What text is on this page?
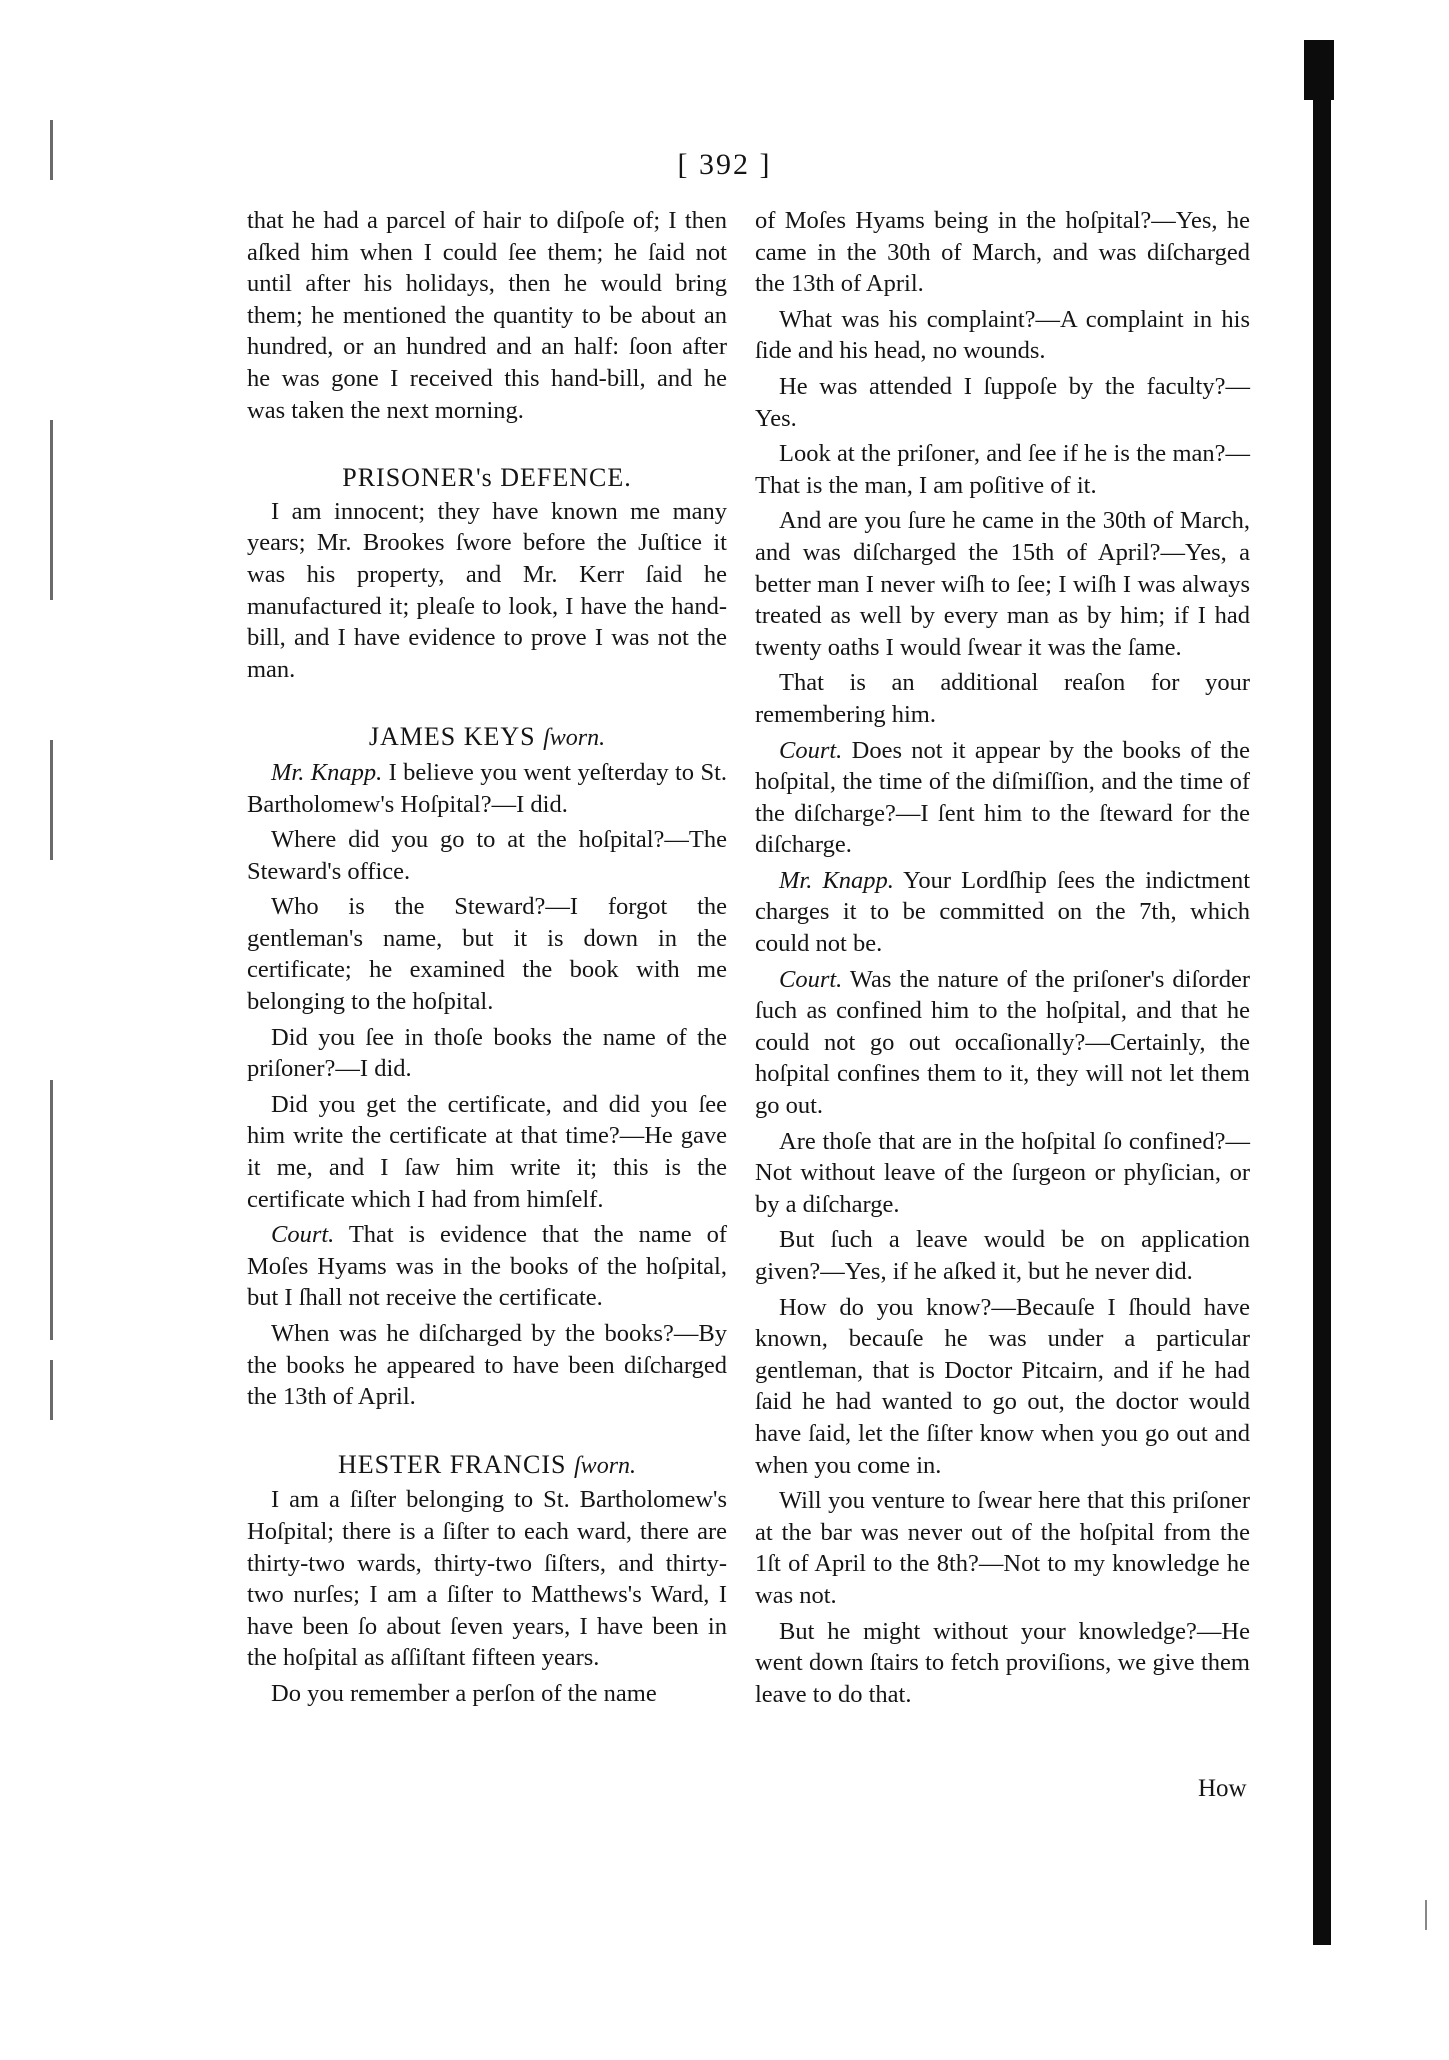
[ 392 ]

that he had a parcel of hair to diſpoſe of; I then aſked him when I could ſee them; he ſaid not until after his holidays, then he would bring them; he mentioned the quantity to be about an hundred, or an hundred and an half: ſoon after he was gone I received this hand-bill, and he was taken the next morning.

PRISONER's DEFENCE.

I am innocent; they have known me many years; Mr. Brookes ſwore before the Juſtice it was his property, and Mr. Kerr ſaid he manufactured it; pleaſe to look, I have the hand-bill, and I have evidence to prove I was not the man.

JAMES KEYS ſworn.

Mr. Knapp. I believe you went yeſterday to St. Bartholomew's Hoſpital?—I did.

Where did you go to at the hoſpital?—The Steward's office.

Who is the Steward?—I forgot the gentleman's name, but it is down in the certificate; he examined the book with me belonging to the hoſpital.

Did you ſee in thoſe books the name of the priſoner?—I did.

Did you get the certificate, and did you ſee him write the certificate at that time?—He gave it me, and I ſaw him write it; this is the certificate which I had from himſelf.

Court. That is evidence that the name of Moſes Hyams was in the books of the hoſpital, but I ſhall not receive the certificate.

When was he diſcharged by the books?—By the books he appeared to have been diſcharged the 13th of April.

HESTER FRANCIS ſworn.

I am a ſiſter belonging to St. Bartholomew's Hoſpital; there is a ſiſter to each ward, there are thirty-two wards, thirty-two ſiſters, and thirty-two nurſes; I am a ſiſter to Matthews's Ward, I have been ſo about ſeven years, I have been in the hoſpital as aſſiſtant fifteen years.

Do you remember a perſon of the name

of Moſes Hyams being in the hoſpital?—Yes, he came in the 30th of March, and was diſcharged the 13th of April.

What was his complaint?—A complaint in his ſide and his head, no wounds.

He was attended I ſuppoſe by the faculty?—Yes.

Look at the priſoner, and ſee if he is the man?—That is the man, I am poſitive of it.

And are you ſure he came in the 30th of March, and was diſcharged the 15th of April?—Yes, a better man I never wiſh to ſee; I wiſh I was always treated as well by every man as by him; if I had twenty oaths I would ſwear it was the ſame.

That is an additional reaſon for your remembering him.

Court. Does not it appear by the books of the hoſpital, the time of the diſmiſſion, and the time of the diſcharge?—I ſent him to the ſteward for the diſcharge.

Mr. Knapp. Your Lordſhip ſees the indictment charges it to be committed on the 7th, which could not be.

Court. Was the nature of the priſoner's diſorder ſuch as confined him to the hoſpital, and that he could not go out occaſionally?—Certainly, the hoſpital confines them to it, they will not let them go out.

Are thoſe that are in the hoſpital ſo confined?—Not without leave of the ſurgeon or phyſician, or by a diſcharge.

But ſuch a leave would be on application given?—Yes, if he aſked it, but he never did.

How do you know?—Becauſe I ſhould have known, becauſe he was under a particular gentleman, that is Doctor Pitcairn, and if he had ſaid he had wanted to go out, the doctor would have ſaid, let the ſiſter know when you go out and when you come in.

Will you venture to ſwear here that this priſoner at the bar was never out of the hoſpital from the 1ſt of April to the 8th?—Not to my knowledge he was not.

But he might without your knowledge?—He went down ſtairs to fetch proviſions, we give them leave to do that.

How
